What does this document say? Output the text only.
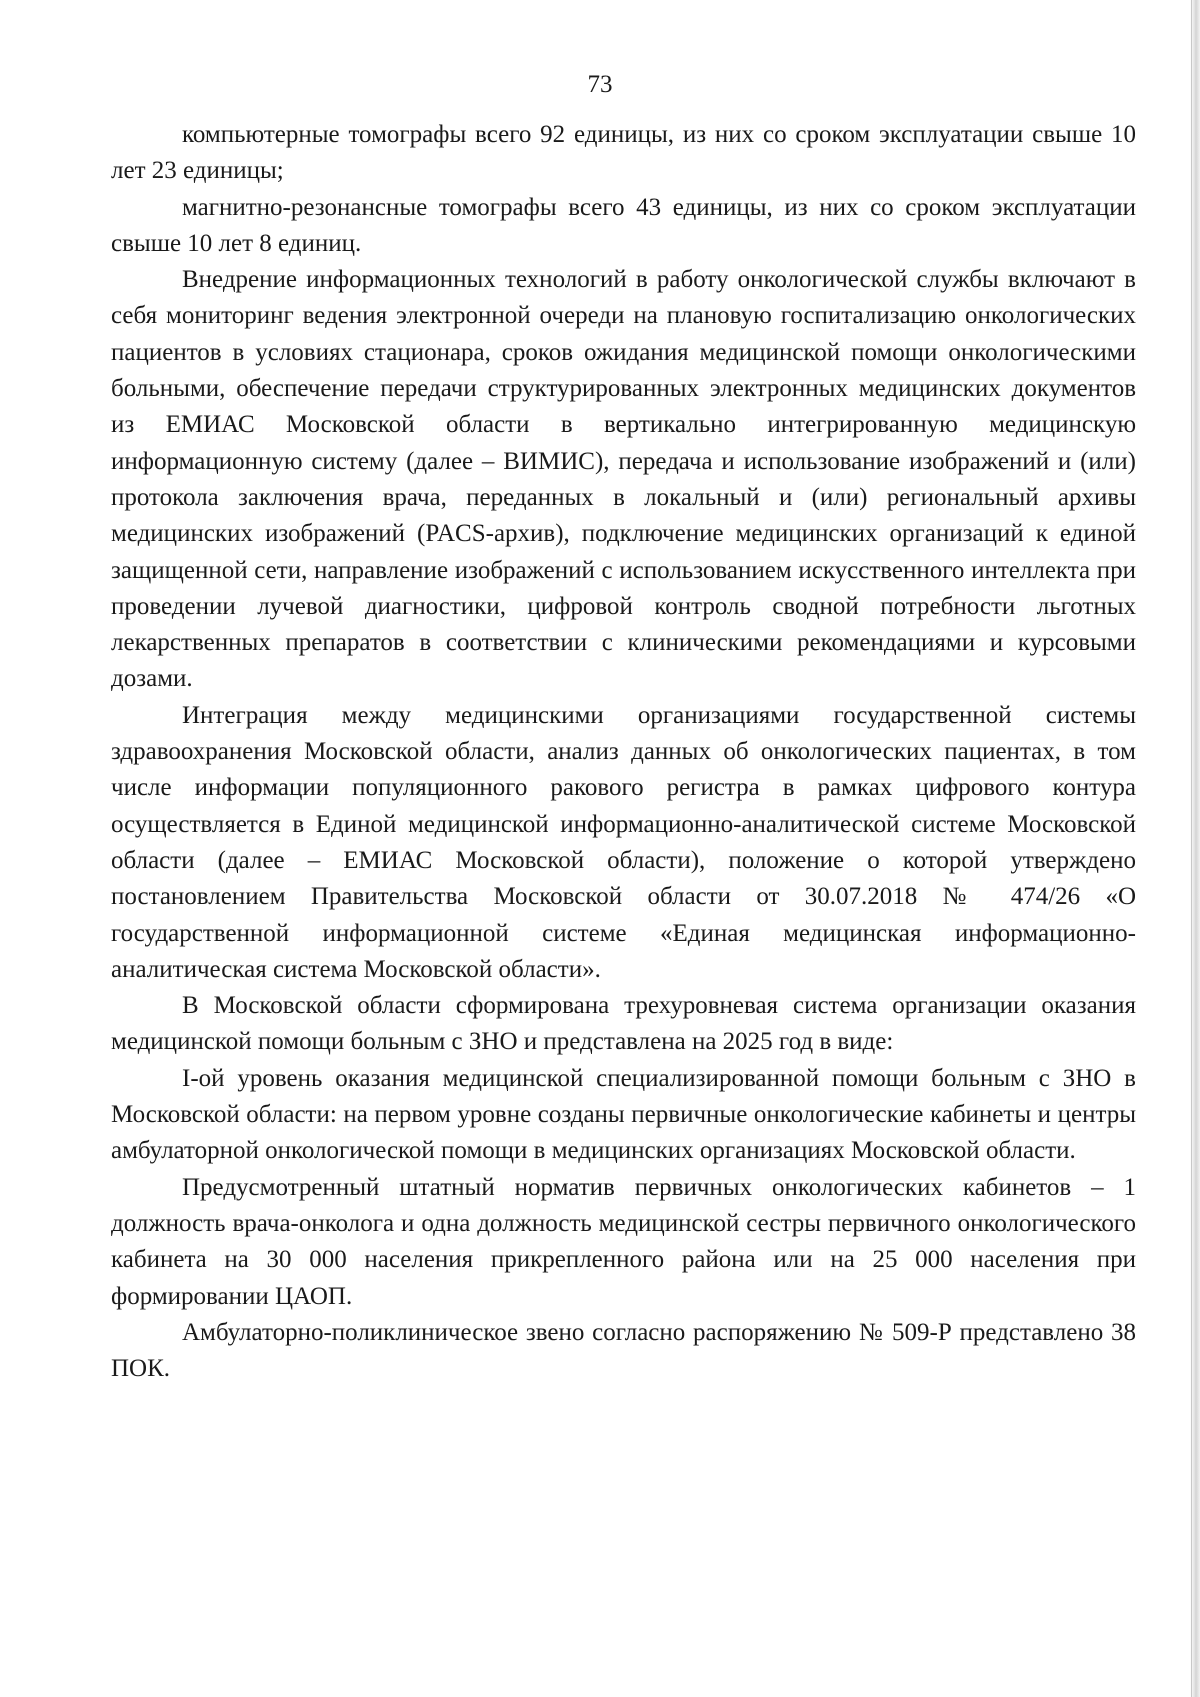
73

компьютерные томографы всего 92 единицы, из них со сроком эксплуатации свыше 10 лет 23 единицы;

магнитно-резонансные томографы всего 43 единицы, из них со сроком эксплуатации свыше 10 лет 8 единиц.

Внедрение информационных технологий в работу онкологической службы включают в себя мониторинг ведения электронной очереди на плановую госпитализацию онкологических пациентов в условиях стационара, сроков ожидания медицинской помощи онкологическими больными, обеспечение передачи структурированных электронных медицинских документов из ЕМИАС Московской области в вертикально интегрированную медицинскую информационную систему (далее – ВИМИС), передача и использование изображений и (или) протокола заключения врача, переданных в локальный и (или) региональный архивы медицинских изображений (PACS-архив), подключение медицинских организаций к единой защищенной сети, направление изображений с использованием искусственного интеллекта при проведении лучевой диагностики, цифровой контроль сводной потребности льготных лекарственных препаратов в соответствии с клиническими рекомендациями и курсовыми дозами.

Интеграция между медицинскими организациями государственной системы здравоохранения Московской области, анализ данных об онкологических пациентах, в том числе информации популяционного ракового регистра в рамках цифрового контура осуществляется в Единой медицинской информационно-аналитической системе Московской области (далее – ЕМИАС Московской области), положение о которой утверждено постановлением Правительства Московской области от 30.07.2018 № 474/26 «О государственной информационной системе «Единая медицинская информационно-аналитическая система Московской области».

В Московской области сформирована трехуровневая система организации оказания медицинской помощи больным с ЗНО и представлена на 2025 год в виде:

I-ой уровень оказания медицинской специализированной помощи больным с ЗНО в Московской области: на первом уровне созданы первичные онкологические кабинеты и центры амбулаторной онкологической помощи в медицинских организациях Московской области.

Предусмотренный штатный норматив первичных онкологических кабинетов – 1 должность врача-онколога и одна должность медицинской сестры первичного онкологического кабинета на 30 000 населения прикрепленного района или на 25 000 населения при формировании ЦАОП.

Амбулаторно-поликлиническое звено согласно распоряжению № 509-Р представлено 38 ПОК.
